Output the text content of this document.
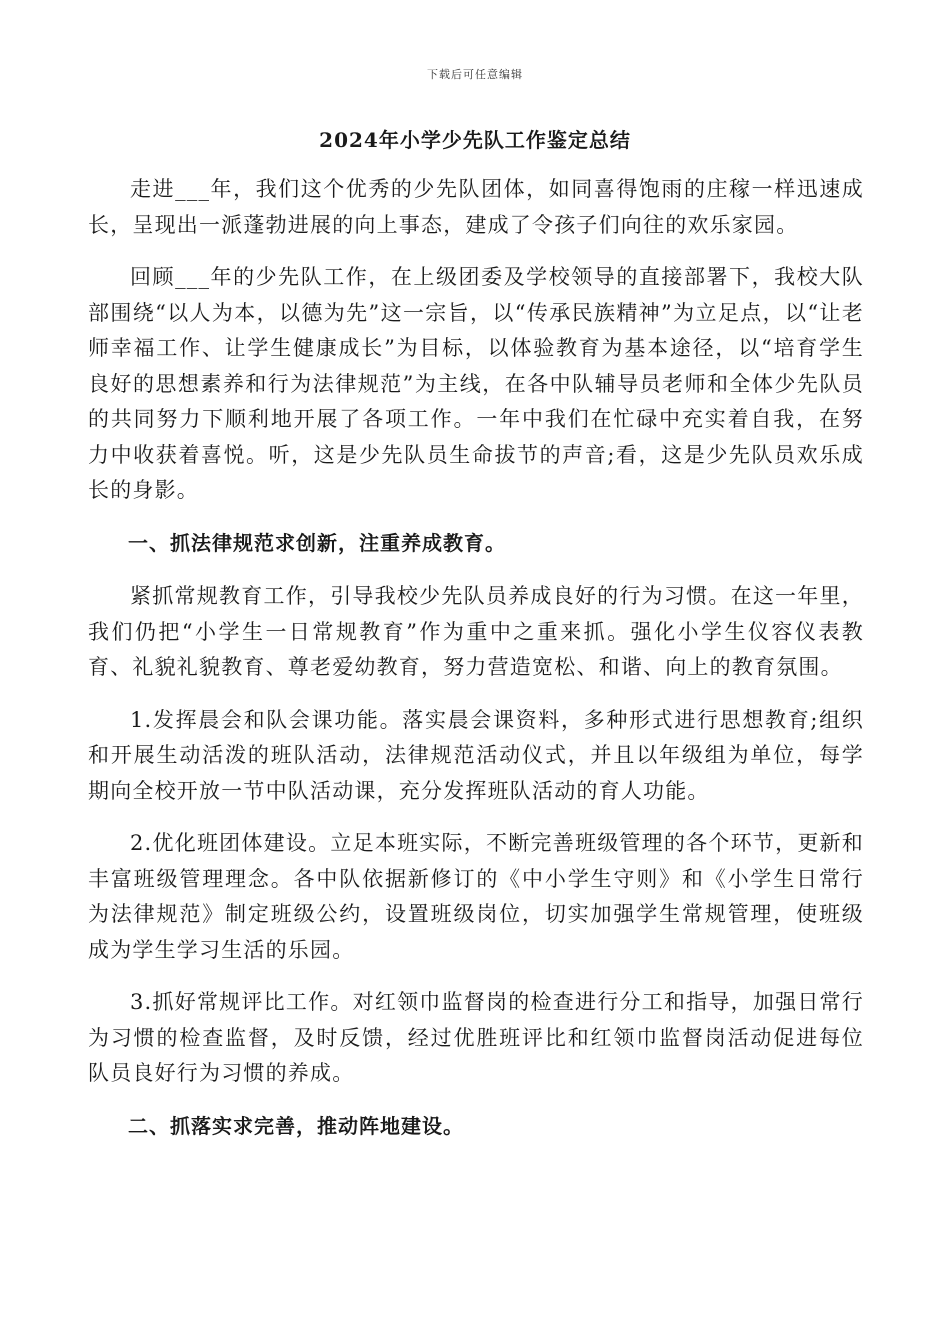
下载后可任意编辑
2024年小学少先队工作鉴定总结

走进___年，我们这个优秀的少先队团体，如同喜得饱雨的庄稼一样迅速成长，呈现出一派蓬勃进展的向上事态，建成了令孩子们向往的欢乐家园。

回顾___年的少先队工作，在上级团委及学校领导的直接部署下，我校大队部围绕“以人为本，以德为先”这一宗旨，以“传承民族精神”为立足点，以“让老师幸福工作、让学生健康成长”为目标，以体验教育为基本途径，以“培育学生良好的思想素养和行为法律规范”为主线，在各中队辅导员老师和全体少先队员的共同努力下顺利地开展了各项工作。一年中我们在忙碌中充实着自我，在努力中收获着喜悦。听，这是少先队员生命拔节的声音;看，这是少先队员欢乐成长的身影。

一、抓法律规范求创新，注重养成教育。

紧抓常规教育工作，引导我校少先队员养成良好的行为习惯。在这一年里，我们仍把“小学生一日常规教育”作为重中之重来抓。强化小学生仪容仪表教育、礼貌礼貌教育、尊老爱幼教育，努力营造宽松、和谐、向上的教育氛围。

1.发挥晨会和队会课功能。落实晨会课资料，多种形式进行思想教育;组织和开展生动活泼的班队活动，法律规范活动仪式，并且以年级组为单位，每学期向全校开放一节中队活动课，充分发挥班队活动的育人功能。

2.优化班团体建设。立足本班实际，不断完善班级管理的各个环节，更新和丰富班级管理理念。各中队依据新修订的《中小学生守则》和《小学生日常行为法律规范》制定班级公约，设置班级岗位，切实加强学生常规管理，使班级成为学生学习生活的乐园。

3.抓好常规评比工作。对红领巾监督岗的检查进行分工和指导，加强日常行为习惯的检查监督，及时反馈，经过优胜班评比和红领巾监督岗活动促进每位队员良好行为习惯的养成。

二、抓落实求完善，推动阵地建设。
